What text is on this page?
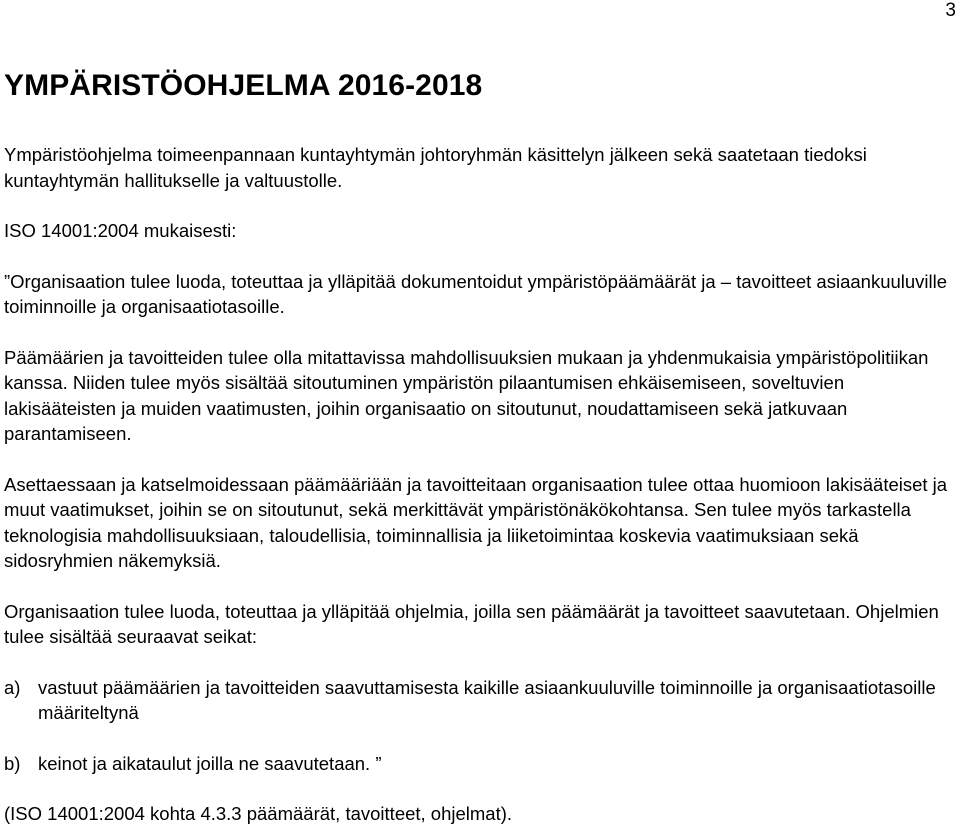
3
YMPÄRISTÖOHJELMA 2016-2018

Ympäristöohjelma toimeenpannaan kuntayhtymän johtoryhmän käsittelyn jälkeen sekä saatetaan tiedoksi kuntayhtymän hallitukselle ja valtuustolle.

ISO 14001:2004 mukaisesti:

”Organisaation tulee luoda, toteuttaa ja ylläpitää dokumentoidut ympäristöpäämäärät ja – tavoitteet asiaankuuluville toiminnoille ja organisaatiotasoille.

Päämäärien ja tavoitteiden tulee olla mitattavissa mahdollisuuksien mukaan ja yhdenmukaisia ympäristöpolitiikan kanssa. Niiden tulee myös sisältää sitoutuminen ympäristön pilaantumisen ehkäisemiseen, soveltuvien lakisääteisten ja muiden vaatimusten, joihin organisaatio on sitoutunut, noudattamiseen sekä jatkuvaan parantamiseen.

Asettaessaan ja katselmoidessaan päämääriään ja tavoitteitaan organisaation tulee ottaa huomioon lakisääteiset ja muut vaatimukset, joihin se on sitoutunut, sekä merkittävät ympäristönäkökohtansa. Sen tulee myös tarkastella teknologisia mahdollisuuksiaan, taloudellisia, toiminnallisia ja liiketoimintaa koskevia vaatimuksiaan sekä sidosryhmien näkemyksiä.

Organisaation tulee luoda, toteuttaa ja ylläpitää ohjelmia, joilla sen päämäärät ja tavoitteet saavutetaan. Ohjelmien tulee sisältää seuraavat seikat:

a) vastuut päämäärien ja tavoitteiden saavuttamisesta kaikille asiaankuuluville toiminnoille ja organisaatiotasoille määriteltynä
b) keinot ja aikataulut joilla ne saavutetaan. ”

(ISO 14001:2004 kohta 4.3.3 päämäärät, tavoitteet, ohjelmat).
